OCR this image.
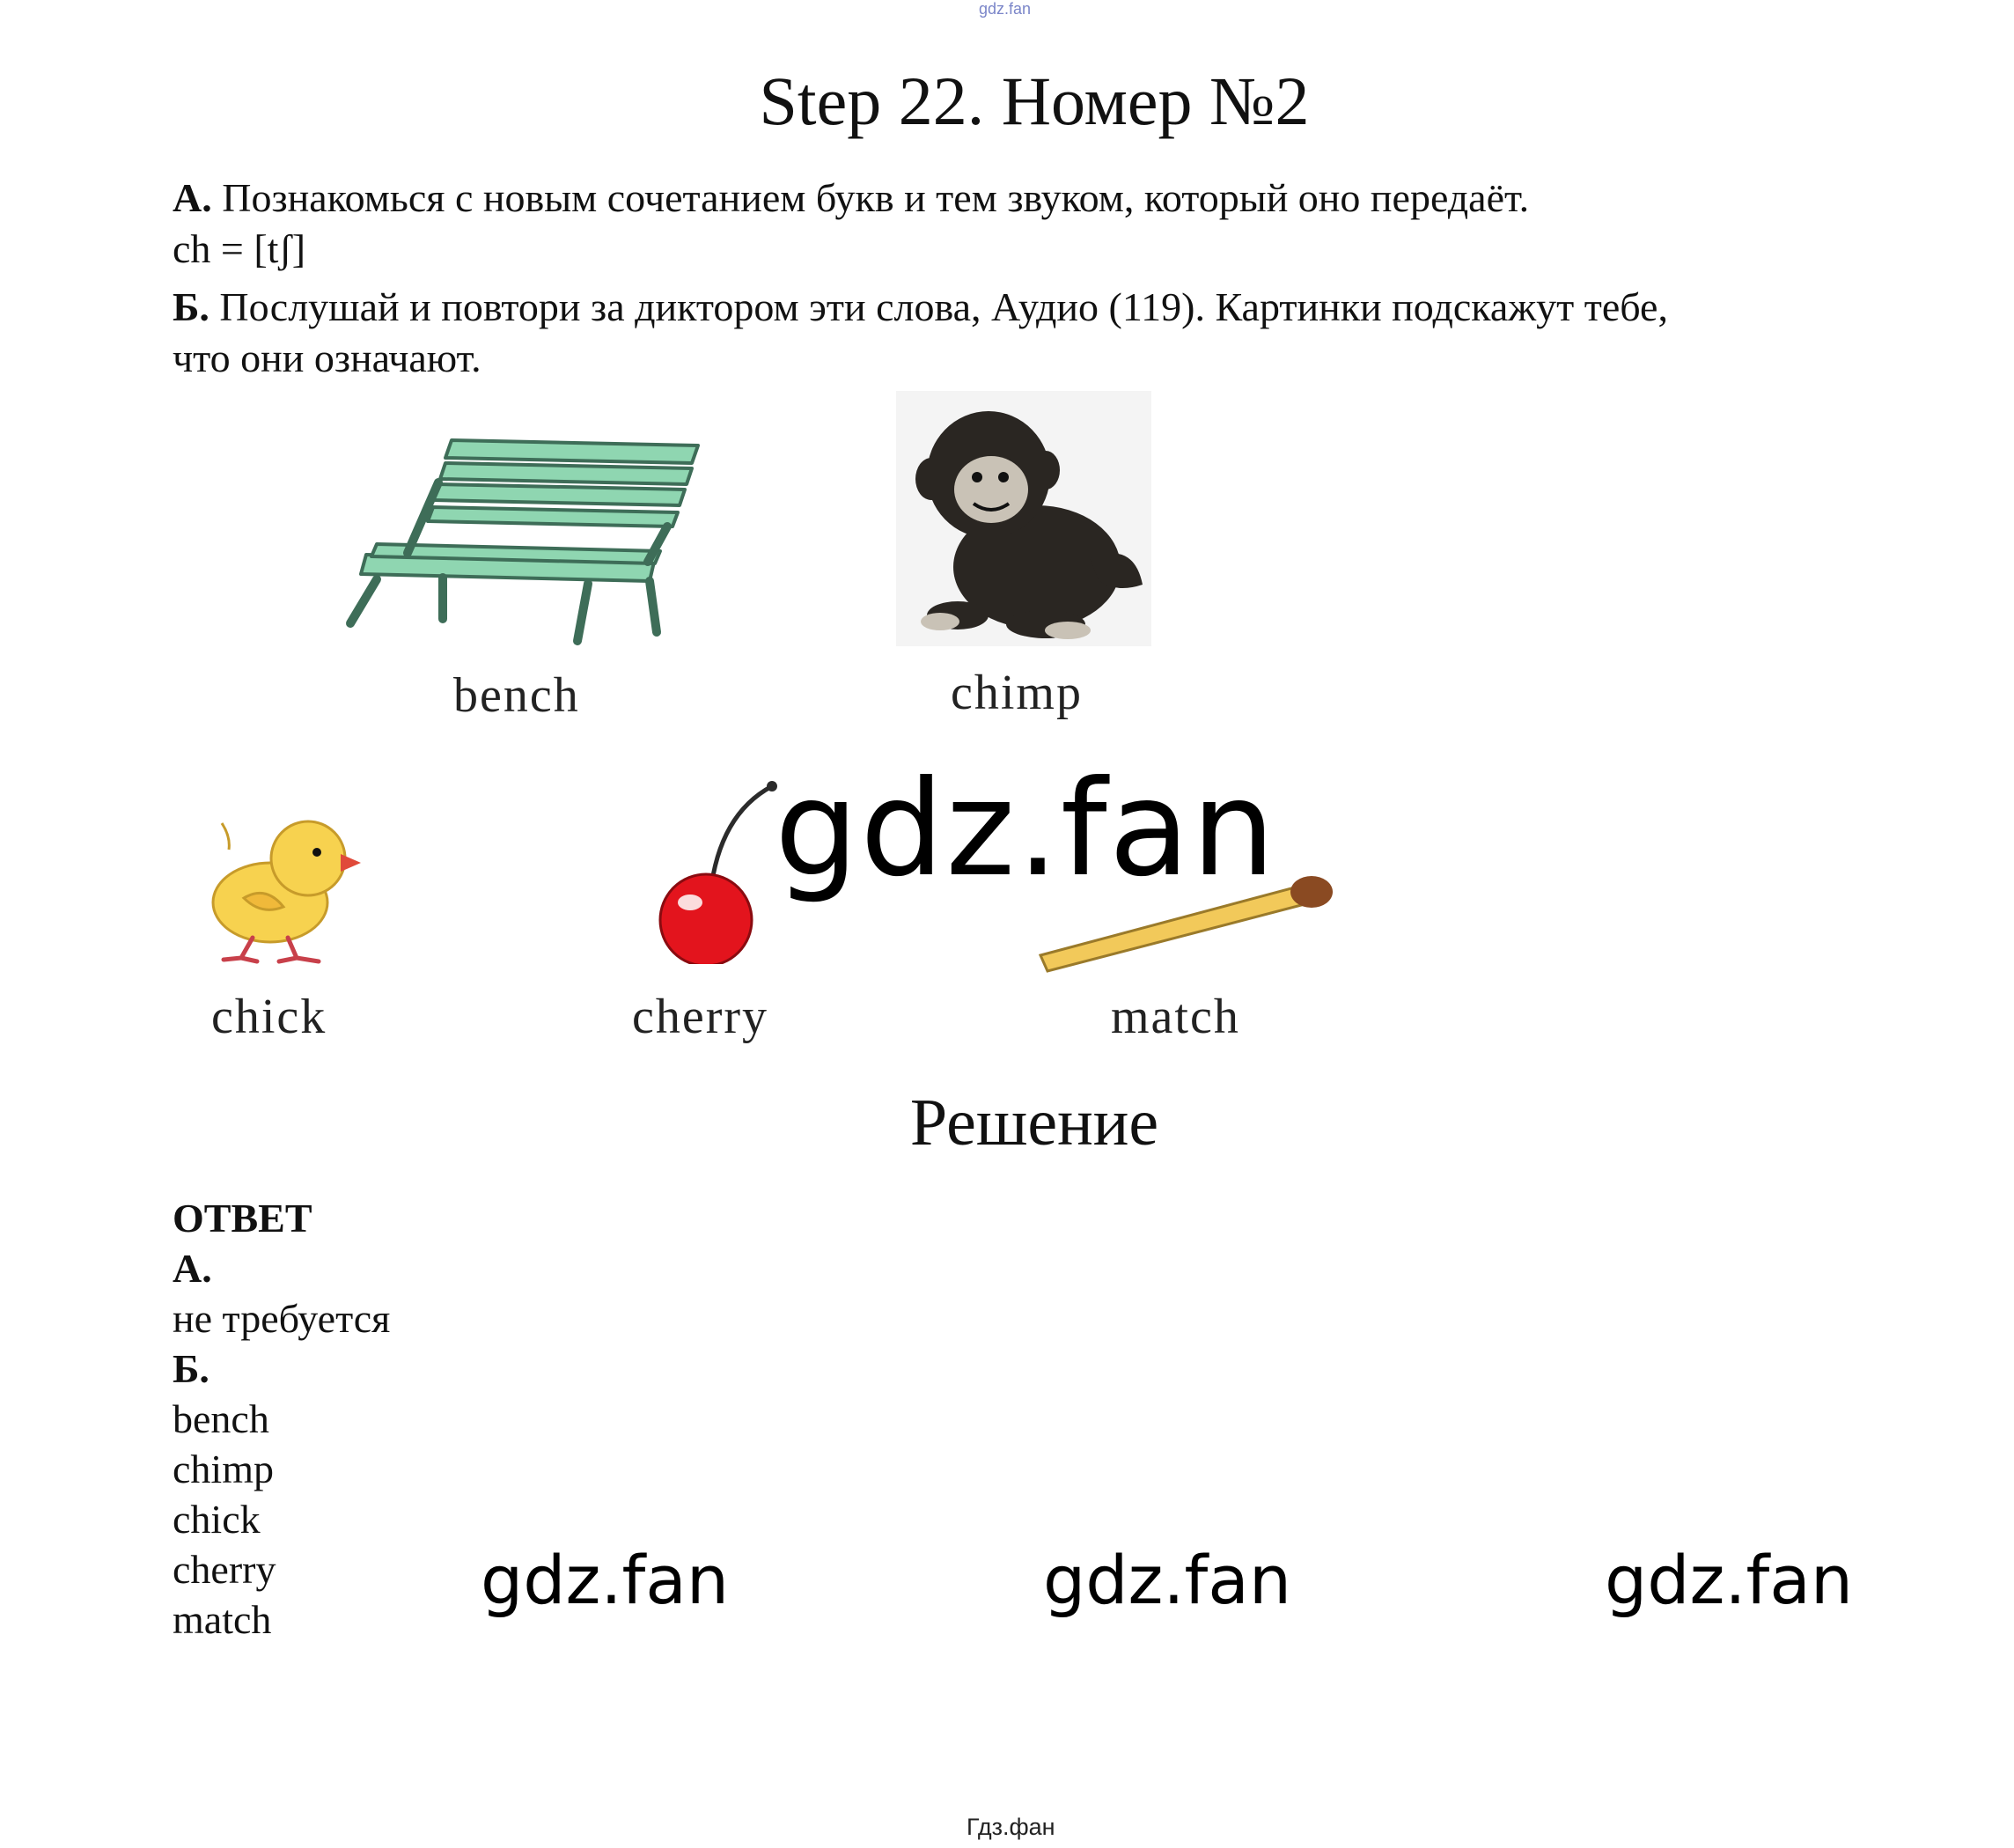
gdz.fan
Step 22. Номер №2
А. Познакомься с новым сочетанием букв и тем звуком, который оно передаёт.
ch = [tʃ]
Б. Послушай и повтори за диктором эти слова, Аудио (119). Картинки подскажут тебе,
что они означают.
bench	chimp
chick	cherry	match
gdz.fan
Решение
ОТВЕТ
А.
не требуется
Б.
bench
chimp
chick
cherry
match
gdz.fan	gdz.fan	gdz.fan
Гдз.фан
